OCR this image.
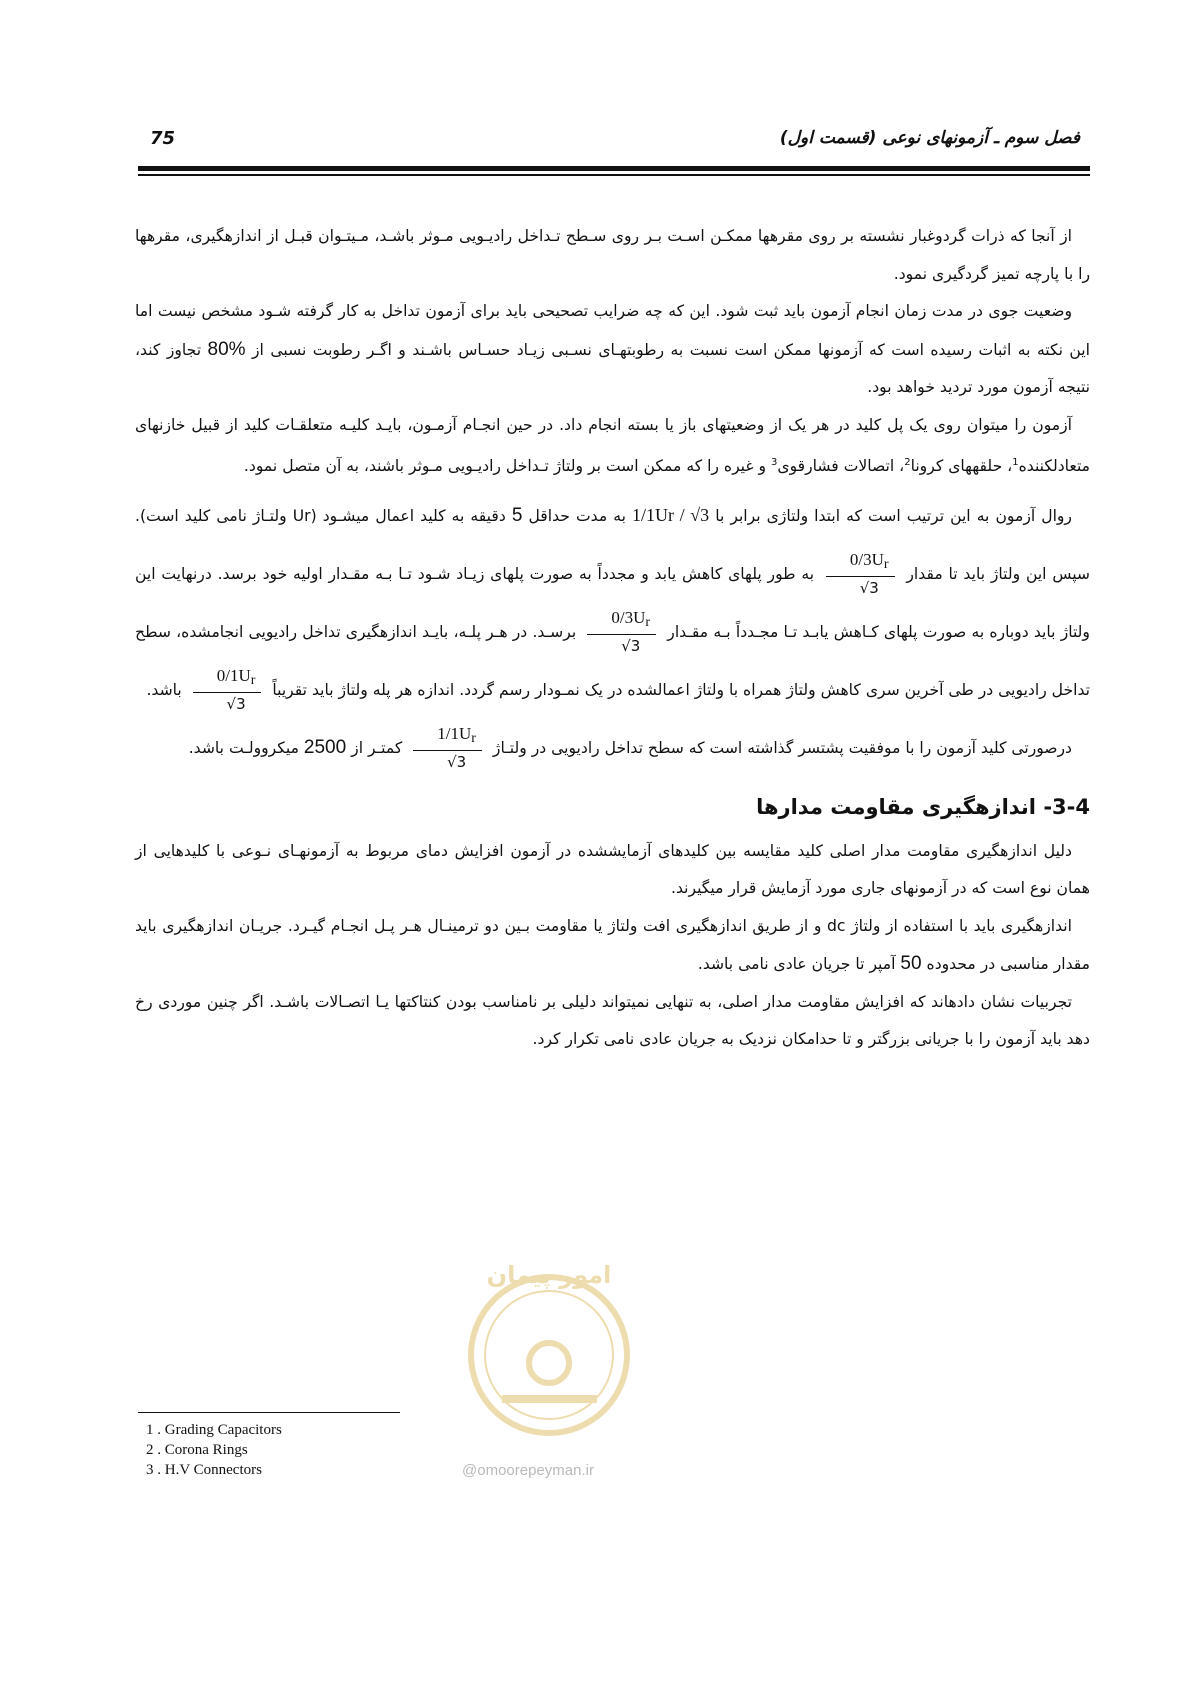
فصل سوم ـ آزمونهای نوعی (قسمت اول)
75

از آنجا که ذرات گردوغبار نشسته بر روی مقرهها ممکـن اسـت بـر روی سـطح تـداخل رادیـویی مـوثر باشـد، مـیتـوان قبـل از اندازهگیری، مقرهها را با پارچه تمیز گردگیری نمود.

وضعیت جوی در مدت زمان انجام آزمون باید ثبت شود. این که چه ضرایب تصحیحی باید برای آزمون تداخل به کار گرفته شـود مشخص نیست اما این نکته به اثبات رسیده است که آزمونها ممکن است نسبت به رطوبتهـای نسـبی زیـاد حسـاس باشـند و اگـر رطوبت نسبی از %80 تجاوز کند، نتیجه آزمون مورد تردید خواهد بود.

آزمون را میتوان روی یک پل کلید در هر یک از وضعیتهای باز یا بسته انجام داد. در حین انجـام آزمـون، بایـد کلیـه متعلقـات کلید از قبیل خازنهای متعادلکننده$^1$، حلقههای کرونا$^2$، اتصالات فشارقوی$^3$ و غیره را که ممکن است بر ولتاژ تـداخل رادیـویی مـوثر باشند، به آن متصل نمود.

روال آزمون به این ترتیب است که ابتدا ولتاژی برابر با 1/1Ur / √3 به مدت حداقل 5 دقیقه به کلید اعمال میشـود (Ur ولتـاژ نامی کلید است). سپس این ولتاژ باید تا مقدار
$\frac{0/3Ur}{√3}$
به طور پلهای کاهش یابد و مجدداً به صورت پلهای زیـاد شـود تـا بـه مقـدار اولیه خود برسد. درنهایت این ولتاژ باید دوباره به صورت پلهای کـاهش یابـد تـا مجـدداً بـه مقـدار
$\frac{0/3Ur}{√3}$
برسـد. در هـر پلـه، بایـد اندازهگیری تداخل رادیویی انجامشده، سطح تداخل رادیویی در طی آخرین سری کاهش ولتاژ همراه با ولتاژ اعمالشده در یک نمـودار رسم گردد. اندازه هر پله ولتاژ باید تقریباً
$\frac{0/1Ur}{√3}$
باشد.

درصورتی کلید آزمون را با موفقیت پشتسر گذاشته است که سطح تداخل رادیویی در ولتـاژ
$\frac{1/1Ur}{√3}$
کمتـر از 2500 میکروولـت باشد.

3-4- اندازهگیری مقاومت مدارها

دلیل اندازهگیری مقاومت مدار اصلی کلید مقایسه بین کلیدهای آزمایششده در آزمون افزایش دمای مربوط به آزمونهـای نـوعی با کلیدهایی از همان نوع است که در آزمونهای جاری مورد آزمایش قرار میگیرند.

اندازهگیری باید با استفاده از ولتاژ dc و از طریق اندازهگیری افت ولتاژ یا مقاومت بـین دو ترمینـال هـر پـل انجـام گیـرد. جریـان اندازهگیری باید مقدار مناسبی در محدوده 50 آمپر تا جریان عادی نامی باشد.

تجربیات نشان دادهاند که افزایش مقاومت مدار اصلی، به تنهایی نمیتواند دلیلی بر نامناسب بودن کنتاکتها یـا اتصـالات باشـد. اگر چنین موردی رخ دهد باید آزمون را با جریانی بزرگتر و تا حدامکان نزدیک به جریان عادی نامی تکرار کرد.

امور پیمان
@omoorepeyman.ir
1 . Grading Capacitors
2 . Corona Rings
3 . H.V Connectors
